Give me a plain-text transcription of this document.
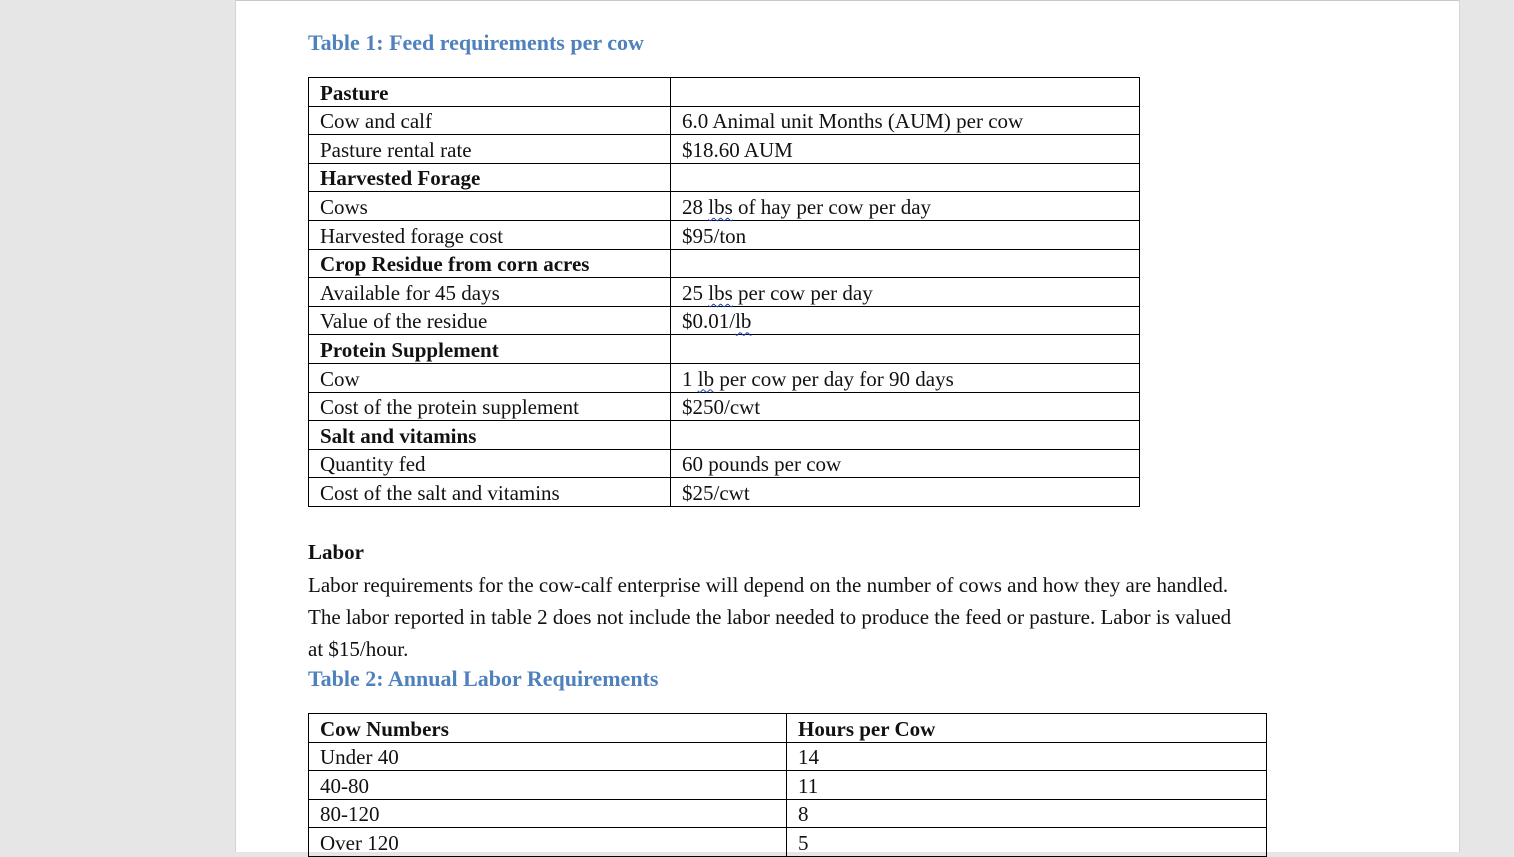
Table 1: Feed requirements per cow
Pasture	
Cow and calf	6.0 Animal unit Months (AUM) per cow
Pasture rental rate	$18.60 AUM
Harvested Forage	
Cows	28 lbs of hay per cow per day
Harvested forage cost	$95/ton
Crop Residue from corn acres	
Available for 45 days	25 lbs per cow per day
Value of the residue	$0.01/lb
Protein Supplement	
Cow	1 lb per cow per day for 90 days
Cost of the protein supplement	$250/cwt
Salt and vitamins	
Quantity fed	60 pounds per cow
Cost of the salt and vitamins	$25/cwt
Labor
Labor requirements for the cow-calf enterprise will depend on the number of cows and how they are handled.
The labor reported in table 2 does not include the labor needed to produce the feed or pasture. Labor is valued
at $15/hour.
Table 2: Annual Labor Requirements
Cow Numbers	Hours per Cow
Under 40	14
40-80	11
80-120	8
Over 120	5
